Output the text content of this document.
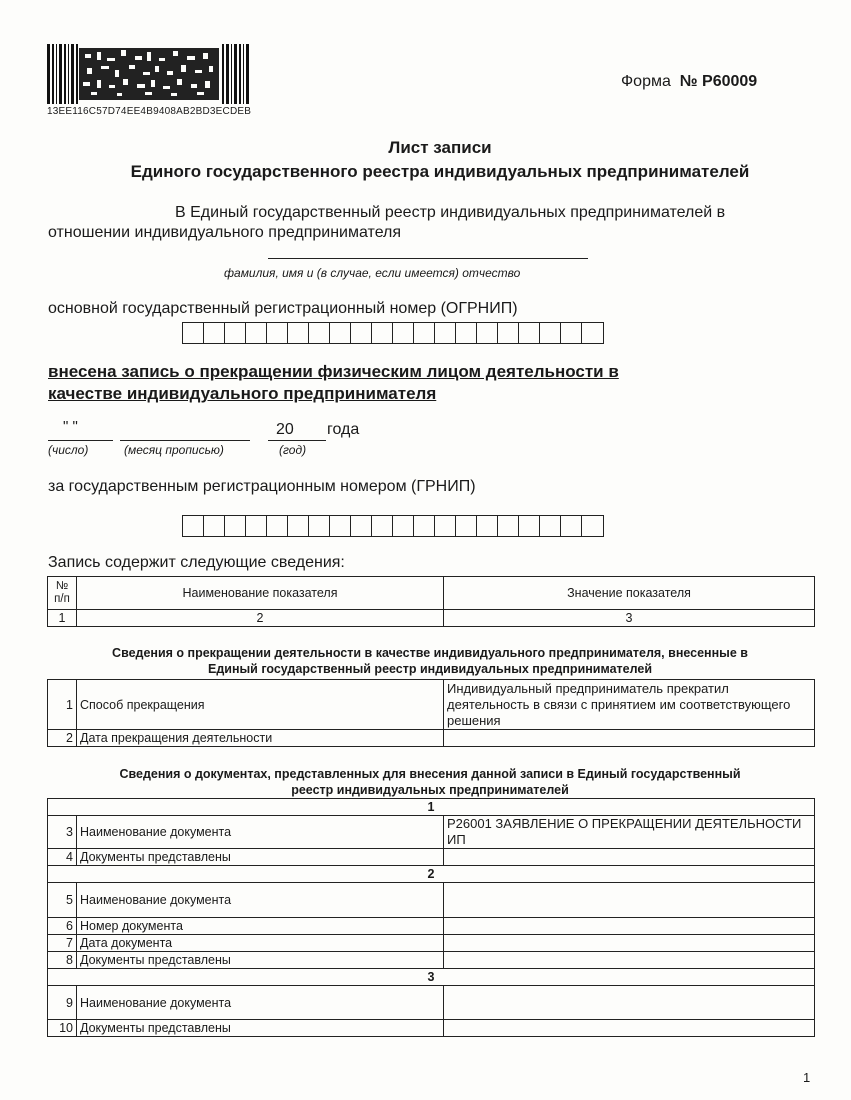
13EE116C57D74EE4B9408AB2BD3ECDEB
Форма № Р60009
Лист записи
Единого государственного реестра индивидуальных предпринимателей
В Единый государственный реестр индивидуальных предпринимателей в
отношении индивидуального предпринимателя
фамилия, имя и (в случае, если имеется) отчество
основной государственный регистрационный номер (ОГРНИП)
внесена запись о прекращении физическим лицом деятельности в
качестве индивидуального предпринимателя
" "	20 года
(число)	(месяц прописью)	(год)
за государственным регистрационным номером (ГРНИП)
Запись содержит следующие сведения:
№ п/п	Наименование показателя	Значение показателя
1	2	3
Сведения о прекращении деятельности в качестве индивидуального предпринимателя, внесенные в
Единый государственный реестр индивидуальных предпринимателей
1	Способ прекращения	Индивидуальный предприниматель прекратил деятельность в связи с принятием им соответствующего решения
2	Дата прекращения деятельности	
Сведения о документах, представленных для внесения данной записи в Единый государственный
реестр индивидуальных предпринимателей
1		
3	Наименование документа	Р26001 ЗАЯВЛЕНИЕ О ПРЕКРАЩЕНИИ ДЕЯТЕЛЬНОСТИ ИП
4	Документы представлены	
2		
5	Наименование документа	
6	Номер документа	
7	Дата документа	
8	Документы представлены	
3		
9	Наименование документа	
10	Документы представлены	
1
